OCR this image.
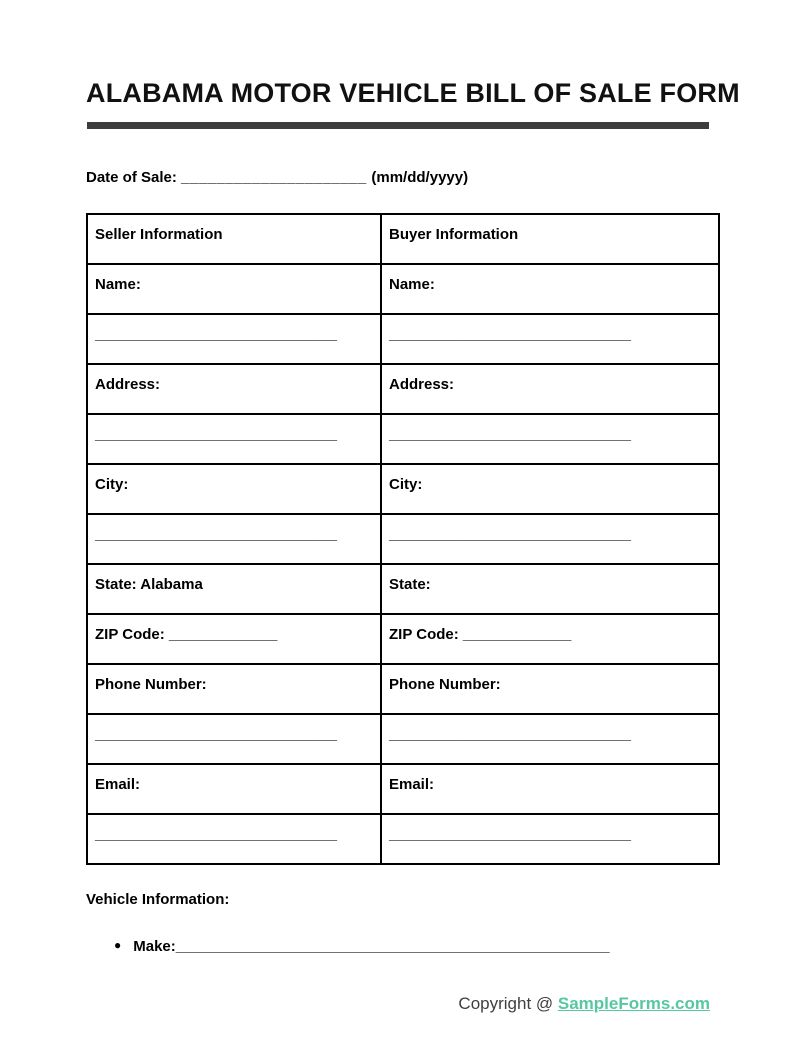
ALABAMA MOTOR VEHICLE BILL OF SALE FORM
Date of Sale: _____________________ (mm/dd/yyyy)
Seller Information	Buyer Information
Name:	Name:
_____________________________	_____________________________
Address:	Address:
_____________________________	_____________________________
City:	City:
_____________________________	_____________________________
State: Alabama	State:
ZIP Code: _____________	ZIP Code: _____________
Phone Number:	Phone Number:
_____________________________	_____________________________
Email:	Email:
_____________________________	_____________________________
Vehicle Information:
● Make: ____________________________________________________
Copyright @ SampleForms.com
